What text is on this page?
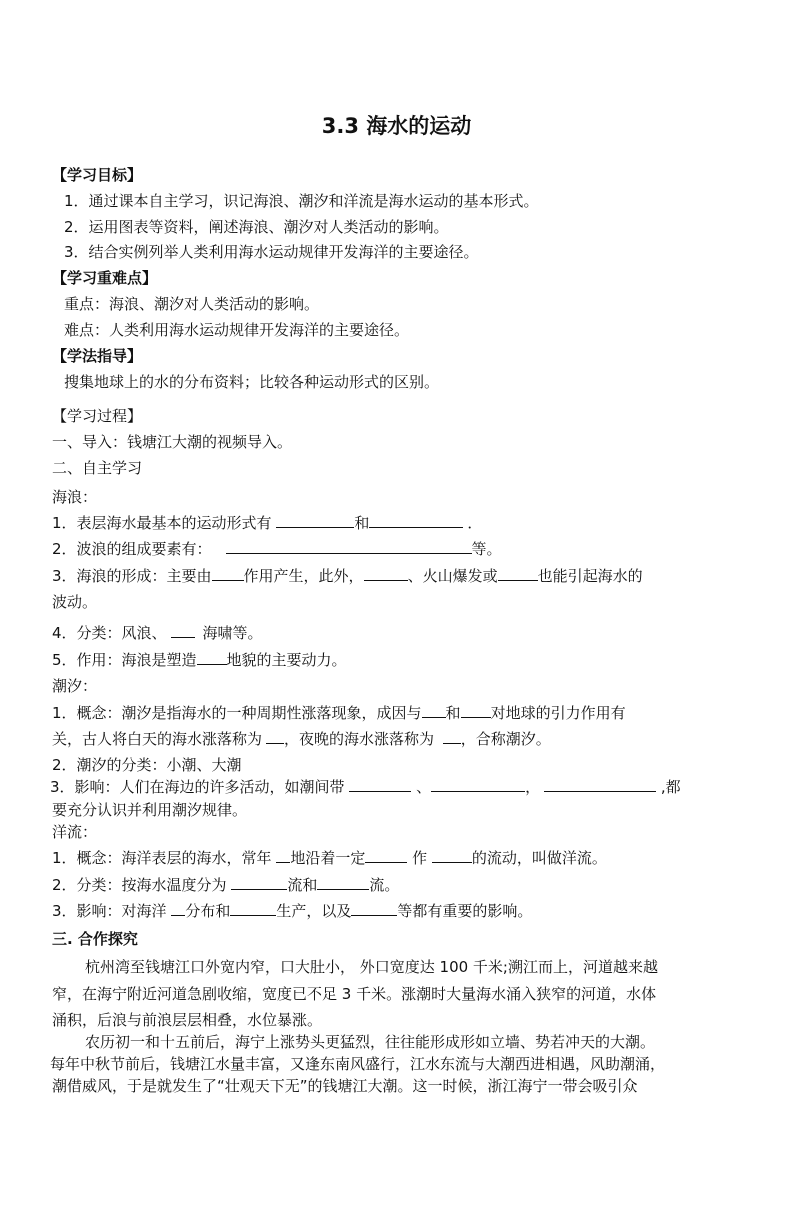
3.3 海水的运动
【学习目标】
1．通过课本自主学习，识记海浪、潮汐和洋流是海水运动的基本形式。
2．运用图表等资料，阐述海浪、潮汐对人类活动的影响。
3．结合实例列举人类利用海水运动规律开发海洋的主要途径。
【学习重难点】
重点：海浪、潮汐对人类活动的影响。
难点：人类利用海水运动规律开发海洋的主要途径。
【学法指导】
搜集地球上的水的分布资料；比较各种运动形式的区别。
【学习过程】
一、导入：钱塘江大潮的视频导入。
二、自主学习
海浪：
1．表层海水最基本的运动形式有	和	．
2．波浪的组成要素有：	等。
3．海浪的形成：主要由 作用产生，此外，	、火山爆发或	也能引起海水的
波动。
4．分类：风浪、 海啸等。
5．作用：海浪是塑造 地貌的主要动力。
潮汐：
1．概念：潮汐是指海水的一种周期性涨落现象，成因与 和 对地球的引力作用有
关，古人将白天的海水涨落称为 ，夜晚的海水涨落称为 ，合称潮汐。
2．潮汐的分类：小潮、大潮
3．影响：人们在海边的许多活动，如潮间带	、	，	,都
要充分认识并利用潮汐规律。
洋流：
1．概念：海洋表层的海水，常年 地沿着一定	作	的流动，叫做洋流。
2．分类：按海水温度分为	流和	流。
3．影响：对海洋 分布和	生产，以及	等都有重要的影响。
三. 合作探究
杭州湾至钱塘江口外宽内窄，口大肚小， 外口宽度达 100 千米;溯江而上，河道越来越
窄，在海宁附近河道急剧收缩，宽度已不足 3 千米。涨潮时大量海水涌入狭窄的河道，水体
涌积，后浪与前浪层层相叠，水位暴涨。
农历初一和十五前后，海宁上涨势头更猛烈，往往能形成形如立墙、势若冲天的大潮。
每年中秋节前后，钱塘江水量丰富，又逢东南风盛行，江水东流与大潮西进相遇，风助潮涌，
潮借威风，于是就发生了“壮观天下无”的钱塘江大潮。这一时候，浙江海宁一带会吸引众
